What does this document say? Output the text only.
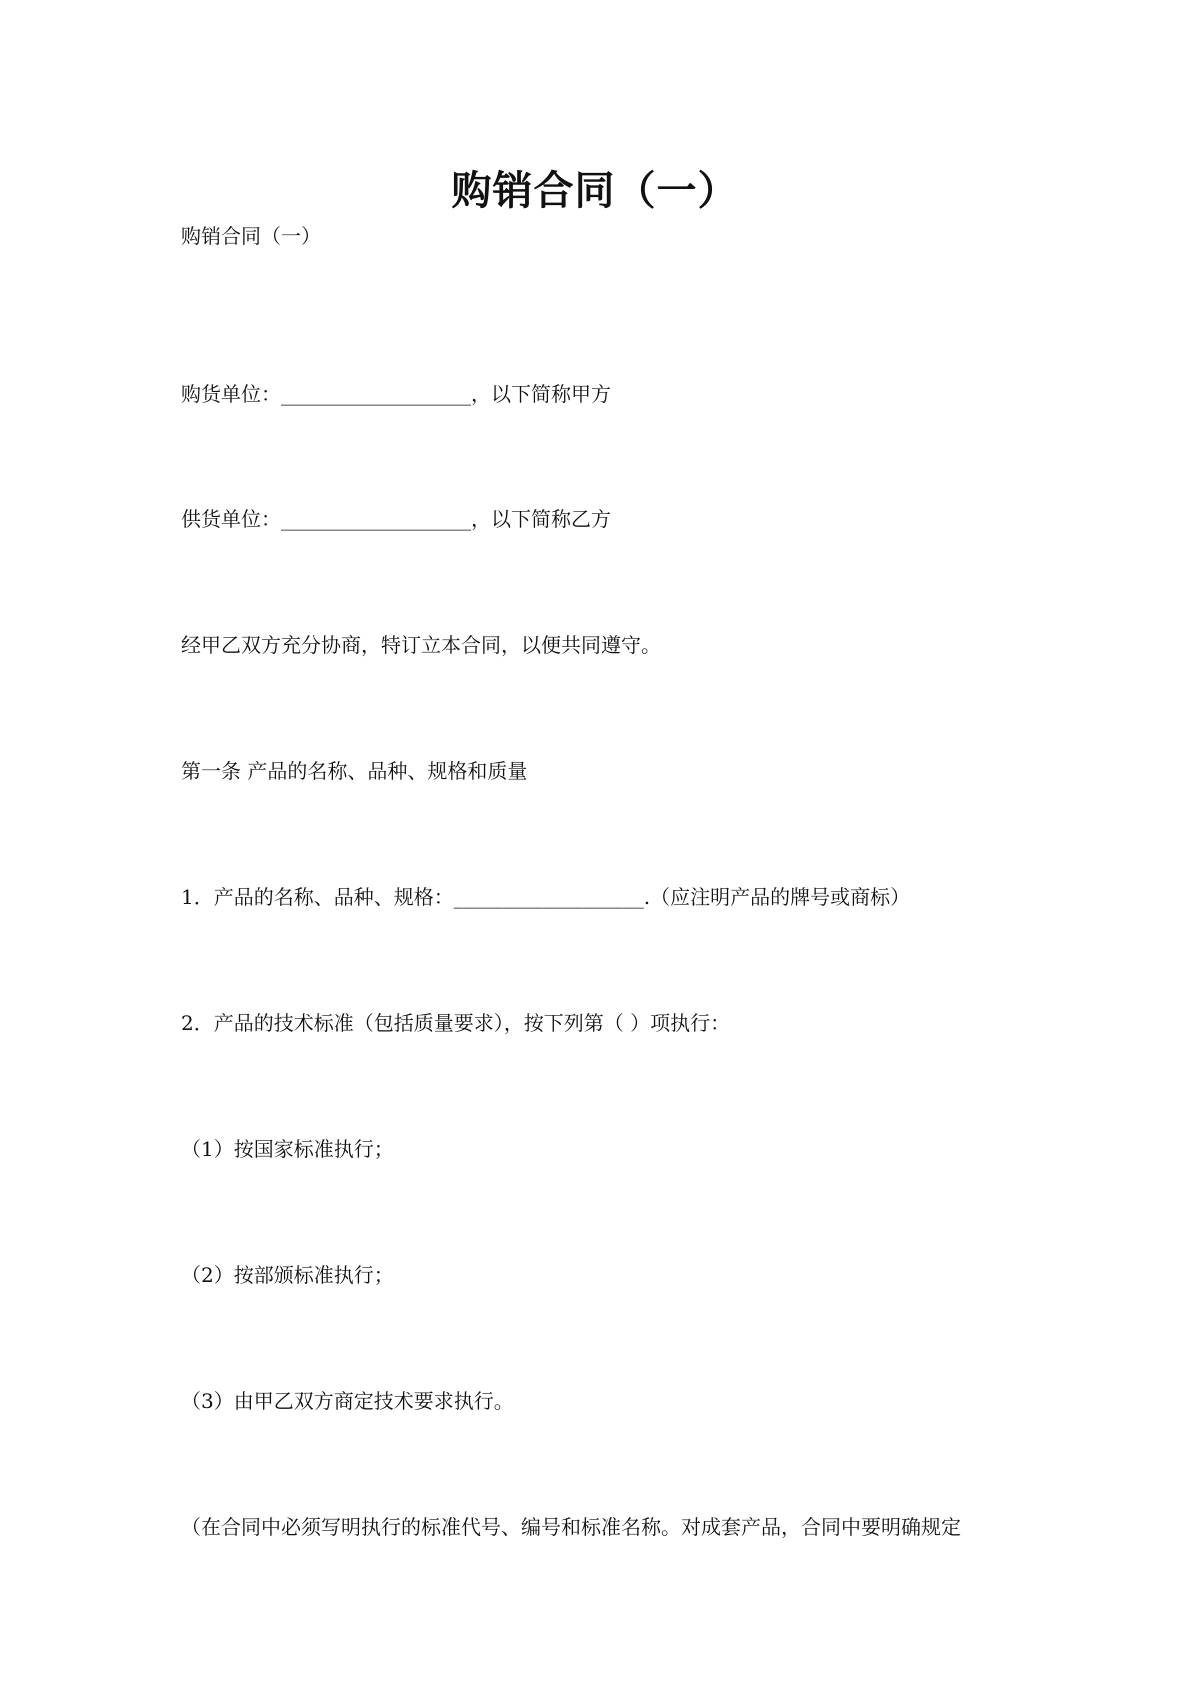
购销合同（一）

购销合同（一）

购货单位：___________________，以下简称甲方

供货单位：___________________，以下简称乙方

经甲乙双方充分协商，特订立本合同，以便共同遵守。

第一条 产品的名称、品种、规格和质量

1．产品的名称、品种、规格：___________________.（应注明产品的牌号或商标）

2．产品的技术标准（包括质量要求），按下列第（ ）项执行：

（1）按国家标准执行；

（2）按部颁标准执行；

（3）由甲乙双方商定技术要求执行。

（在合同中必须写明执行的标准代号、编号和标准名称。对成套产品，合同中要明确规定
